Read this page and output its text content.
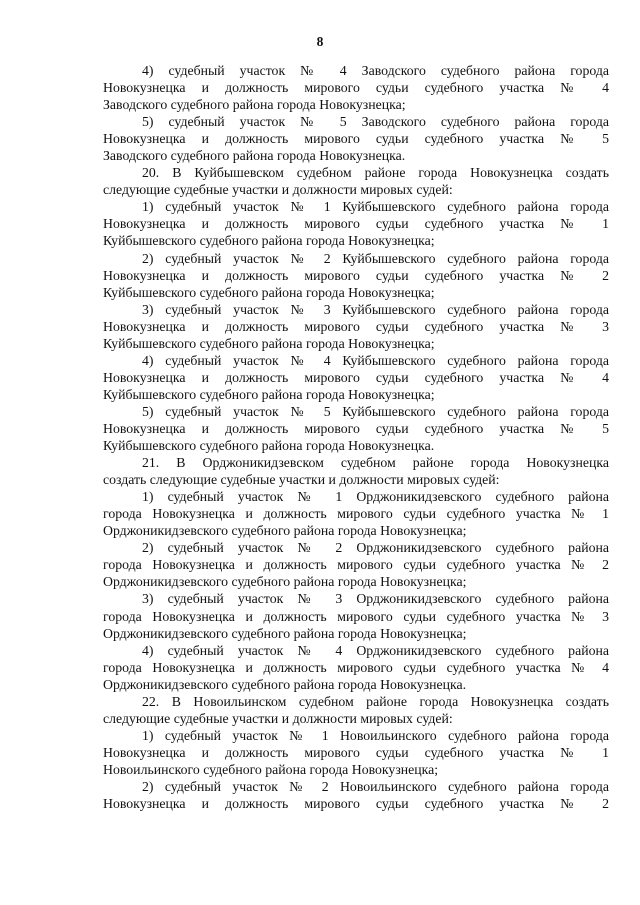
8
4) судебный участок № 4 Заводского судебного района города
Новокузнецка и должность мирового судьи судебного участка № 4
Заводского судебного района города Новокузнецка;
5) судебный участок № 5 Заводского судебного района города
Новокузнецка и должность мирового судьи судебного участка № 5
Заводского судебного района города Новокузнецка.
20. В Куйбышевском судебном районе города Новокузнецка создать
следующие судебные участки и должности мировых судей:
1) судебный участок № 1 Куйбышевского судебного района города
Новокузнецка и должность мирового судьи судебного участка № 1
Куйбышевского судебного района города Новокузнецка;
2) судебный участок № 2 Куйбышевского судебного района города
Новокузнецка и должность мирового судьи судебного участка № 2
Куйбышевского судебного района города Новокузнецка;
3) судебный участок № 3 Куйбышевского судебного района города
Новокузнецка и должность мирового судьи судебного участка № 3
Куйбышевского судебного района города Новокузнецка;
4) судебный участок № 4 Куйбышевского судебного района города
Новокузнецка и должность мирового судьи судебного участка № 4
Куйбышевского судебного района города Новокузнецка;
5) судебный участок № 5 Куйбышевского судебного района города
Новокузнецка и должность мирового судьи судебного участка № 5
Куйбышевского судебного района города Новокузнецка.
21. В Орджоникидзевском судебном районе города Новокузнецка
создать следующие судебные участки и должности мировых судей:
1) судебный участок № 1 Орджоникидзевского судебного района
города Новокузнецка и должность мирового судьи судебного участка № 1
Орджоникидзевского судебного района города Новокузнецка;
2) судебный участок № 2 Орджоникидзевского судебного района
города Новокузнецка и должность мирового судьи судебного участка № 2
Орджоникидзевского судебного района города Новокузнецка;
3) судебный участок № 3 Орджоникидзевского судебного района
города Новокузнецка и должность мирового судьи судебного участка № 3
Орджоникидзевского судебного района города Новокузнецка;
4) судебный участок № 4 Орджоникидзевского судебного района
города Новокузнецка и должность мирового судьи судебного участка № 4
Орджоникидзевского судебного района города Новокузнецка.
22. В Новоильинском судебном районе города Новокузнецка создать
следующие судебные участки и должности мировых судей:
1) судебный участок № 1 Новоильинского судебного района города
Новокузнецка и должность мирового судьи судебного участка № 1
Новоильинского судебного района города Новокузнецка;
2) судебный участок № 2 Новоильинского судебного района города
Новокузнецка и должность мирового судьи судебного участка № 2
